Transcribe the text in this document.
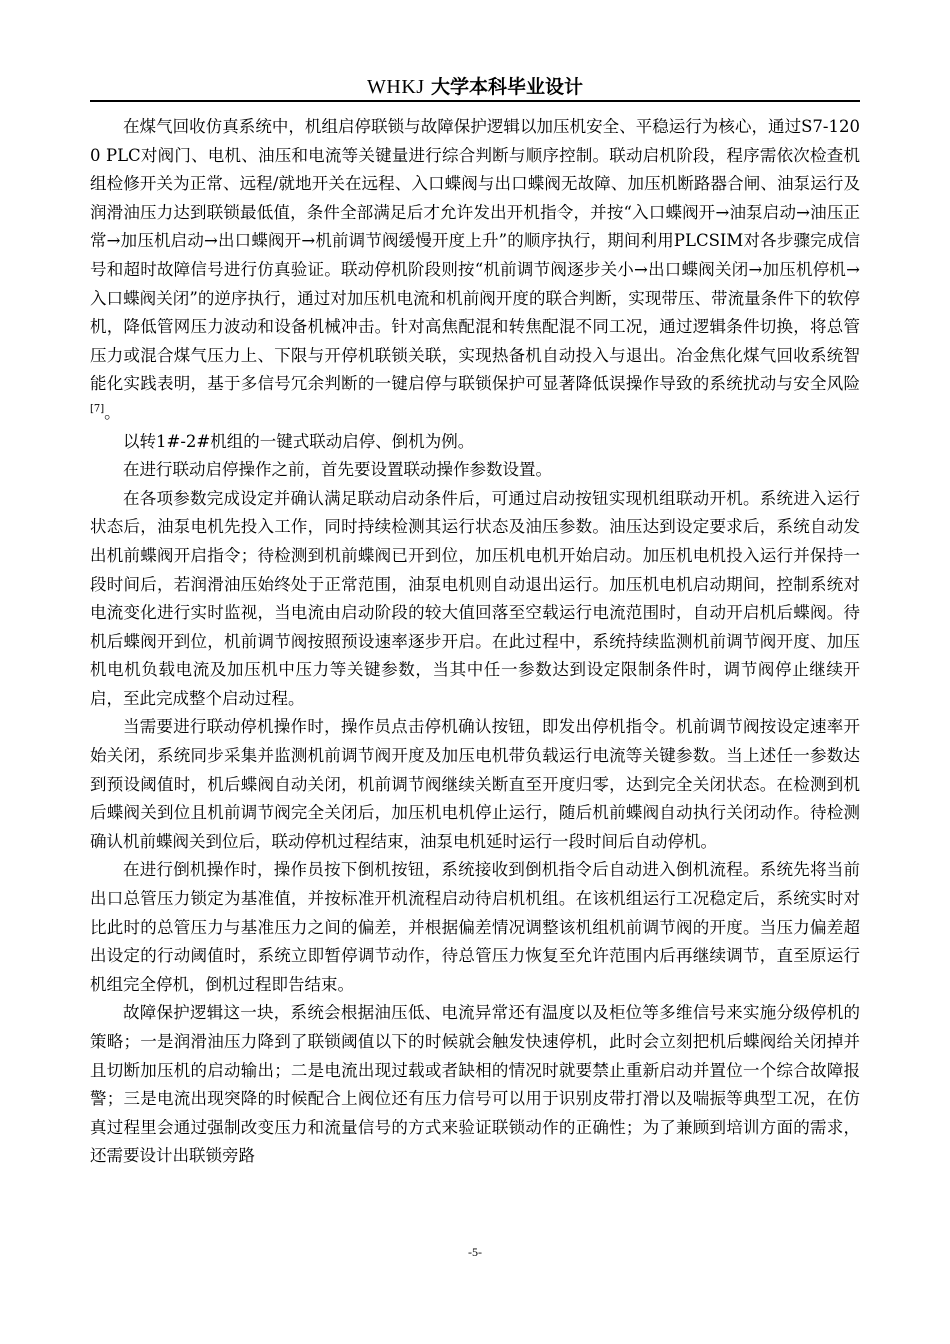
WHKJ 大学本科毕业设计

在煤气回收仿真系统中，机组启停联锁与故障保护逻辑以加压机安全、平稳运行为核心，通过S7-1200 PLC对阀门、电机、油压和电流等关键量进行综合判断与顺序控制。联动启机阶段，程序需依次检查机组检修开关为正常、远程/就地开关在远程、入口蝶阀与出口蝶阀无故障、加压机断路器合闸、油泵运行及润滑油压力达到联锁最低值，条件全部满足后才允许发出开机指令，并按“入口蝶阀开→油泵启动→油压正常→加压机启动→出口蝶阀开→机前调节阀缓慢开度上升”的顺序执行，期间利用PLCSIM对各步骤完成信号和超时故障信号进行仿真验证。联动停机阶段则按“机前调节阀逐步关小→出口蝶阀关闭→加压机停机→入口蝶阀关闭”的逆序执行，通过对加压机电流和机前阀开度的联合判断，实现带压、带流量条件下的软停机，降低管网压力波动和设备机械冲击。针对高焦配混和转焦配混不同工况，通过逻辑条件切换，将总管压力或混合煤气压力上、下限与开停机联锁关联，实现热备机自动投入与退出。冶金焦化煤气回收系统智能化实践表明，基于多信号冗余判断的一键启停与联锁保护可显著降低误操作导致的系统扰动与安全风险[7]。

以转1#-2#机组的一键式联动启停、倒机为例。

在进行联动启停操作之前，首先要设置联动操作参数设置。

在各项参数完成设定并确认满足联动启动条件后，可通过启动按钮实现机组联动开机。系统进入运行状态后，油泵电机先投入工作，同时持续检测其运行状态及油压参数。油压达到设定要求后，系统自动发出机前蝶阀开启指令；待检测到机前蝶阀已开到位，加压机电机开始启动。加压机电机投入运行并保持一段时间后，若润滑油压始终处于正常范围，油泵电机则自动退出运行。加压机电机启动期间，控制系统对电流变化进行实时监视，当电流由启动阶段的较大值回落至空载运行电流范围时，自动开启机后蝶阀。待机后蝶阀开到位，机前调节阀按照预设速率逐步开启。在此过程中，系统持续监测机前调节阀开度、加压机电机负载电流及加压机中压力等关键参数，当其中任一参数达到设定限制条件时，调节阀停止继续开启，至此完成整个启动过程。

当需要进行联动停机操作时，操作员点击停机确认按钮，即发出停机指令。机前调节阀按设定速率开始关闭，系统同步采集并监测机前调节阀开度及加压电机带负载运行电流等关键参数。当上述任一参数达到预设阈值时，机后蝶阀自动关闭，机前调节阀继续关断直至开度归零，达到完全关闭状态。在检测到机后蝶阀关到位且机前调节阀完全关闭后，加压机电机停止运行，随后机前蝶阀自动执行关闭动作。待检测确认机前蝶阀关到位后，联动停机过程结束，油泵电机延时运行一段时间后自动停机。

在进行倒机操作时，操作员按下倒机按钮，系统接收到倒机指令后自动进入倒机流程。系统先将当前出口总管压力锁定为基准值，并按标准开机流程启动待启机机组。在该机组运行工况稳定后，系统实时对比此时的总管压力与基准压力之间的偏差，并根据偏差情况调整该机组机前调节阀的开度。当压力偏差超出设定的行动阈值时，系统立即暂停调节动作，待总管压力恢复至允许范围内后再继续调节，直至原运行机组完全停机，倒机过程即告结束。

故障保护逻辑这一块，系统会根据油压低、电流异常还有温度以及柜位等多维信号来实施分级停机的策略；一是润滑油压力降到了联锁阈值以下的时候就会触发快速停机，此时会立刻把机后蝶阀给关闭掉并且切断加压机的启动输出；二是电流出现过载或者缺相的情况时就要禁止重新启动并置位一个综合故障报警；三是电流出现突降的时候配合上阀位还有压力信号可以用于识别皮带打滑以及喘振等典型工况，在仿真过程里会通过强制改变压力和流量信号的方式来验证联锁动作的正确性；为了兼顾到培训方面的需求，还需要设计出联锁旁路

-5-
